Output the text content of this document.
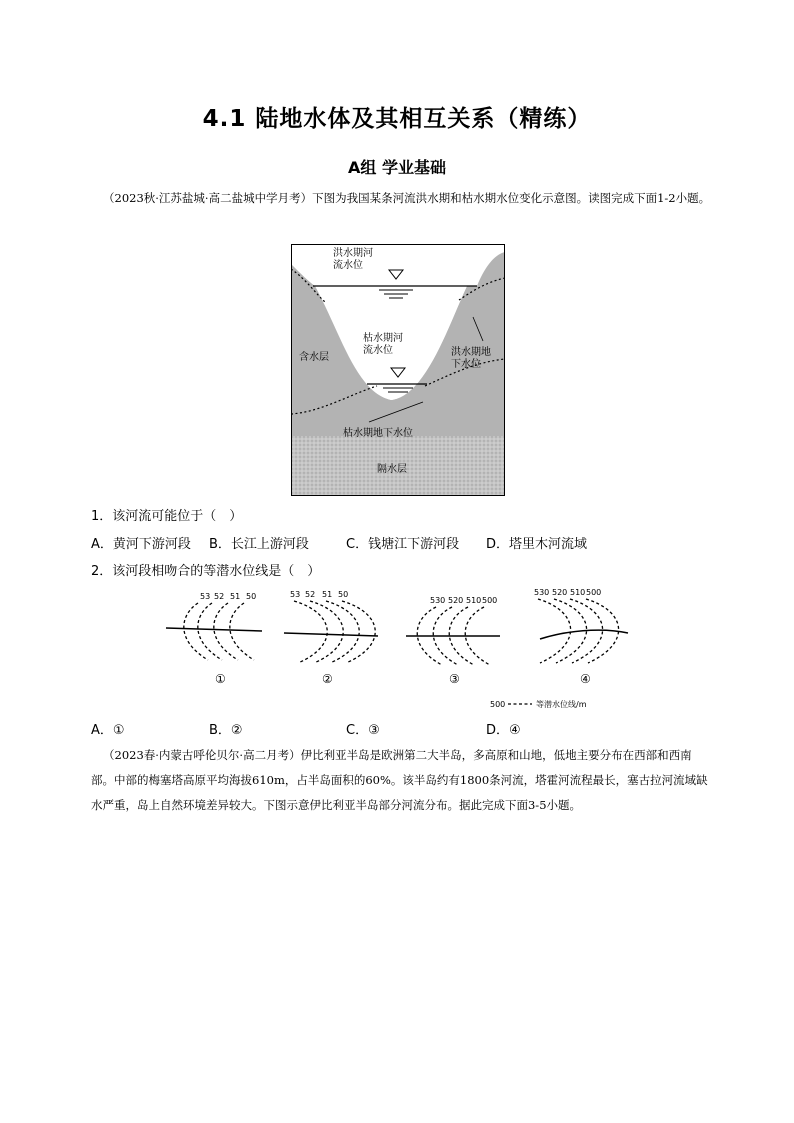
4.1 陆地水体及其相互关系（精练）
A组 学业基础
（2023秋·江苏盐城·高二盐城中学月考）下图为我国某条河流洪水期和枯水期水位变化示意图。读图完成下面1-2小题。
洪水期河
流水位
枯水期河
流水位
含水层	洪水期地
下水位
枯水期地下水位
隔水层
1．该河流可能位于（　）
A．黄河下游河段 B．长江上游河段	C．钱塘江下游河段 D．塔里木河流域
2．该河段相吻合的等潜水位线是（　）
53 52 51 50
①
53 52 51 50
②
530 520 510 500
③
530 520 510 500
④
500	等潜水位线/m
A．①	B．②	C．③	D．④
（2023春·内蒙古呼伦贝尔·高二月考）伊比利亚半岛是欧洲第二大半岛，多高原和山地，低地主要分布在西部和西南部。中部的梅塞塔高原平均海拔610m，占半岛面积的60%。该半岛约有1800条河流，塔霍河流程最长，塞古拉河流域缺水严重，岛上自然环境差异较大。下图示意伊比利亚半岛部分河流分布。据此完成下面3-5小题。
